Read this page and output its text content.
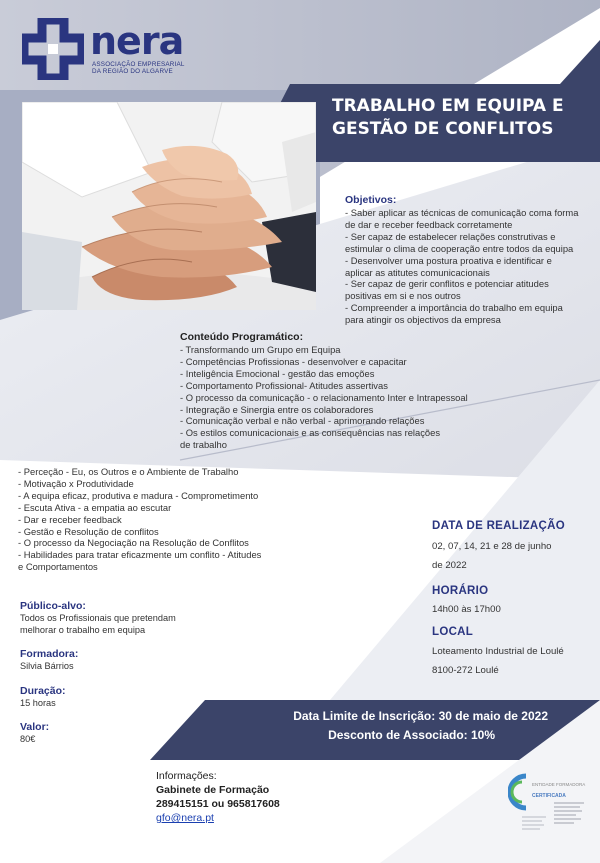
nera
ASSOCIAÇÃO EMPRESARIAL
DA REGIÃO DO ALGARVE
TRABALHO EM EQUIPA E
GESTÃO DE CONFLITOS
Objetivos:
- Saber aplicar as técnicas de comunicação coma forma
de dar e receber feedback corretamente
- Ser capaz de estabelecer relações construtivas e
estimular o clima de cooperação entre todos da equipa
- Desenvolver uma postura proativa e identificar e
aplicar as atitutes comunicacionais
- Ser capaz de gerir conflitos e potenciar atitudes
positivas em si e nos outros
- Compreender a importância do trabalho em equipa
para atingir os objectivos da empresa
Conteúdo Programático:
- Transformando um Grupo em Equipa
- Competências Profissionas - desenvolver e capacitar
- Inteligência Emocional - gestão das emoções
- Comportamento Profissional- Atitudes assertivas
- O processo da comunicação - o relacionamento Inter e Intrapessoal
- Integração e Sinergia entre os colaboradores
- Comunicação verbal e não verbal - aprimorando relações
- Os estilos comunicacionais e as consequências nas relações
de trabalho
- Perceção - Eu, os Outros e o Ambiente de Trabalho
- Motivação x Produtividade
- A equipa eficaz, produtiva e madura - Comprometimento
- Escuta Ativa - a empatia ao escutar
- Dar e receber feedback
- Gestão e Resolução de conflitos
- O processo da Negociação na Resolução de Conflitos
- Habilidades para tratar eficazmente um conflito - Atitudes
e Comportamentos
Público-alvo:
Todos os Profissionais que pretendam
melhorar o trabalho em equipa
Formadora:
Silvia Bárrios
Duração:
15 horas
Valor:
80€
DATA DE REALIZAÇÃO
02, 07, 14, 21 e 28 de junho
de 2022
HORÁRIO
14h00 às 17h00
LOCAL
Loteamento Industrial de Loulé
8100-272 Loulé
Data Limite de Inscrição: 30 de maio de 2022
Desconto de Associado: 10%
Informações:
Gabinete de Formação
289415151 ou 965817608
gfo@nera.pt
ENTIDADE FORMADORA
CERTIFICADA
